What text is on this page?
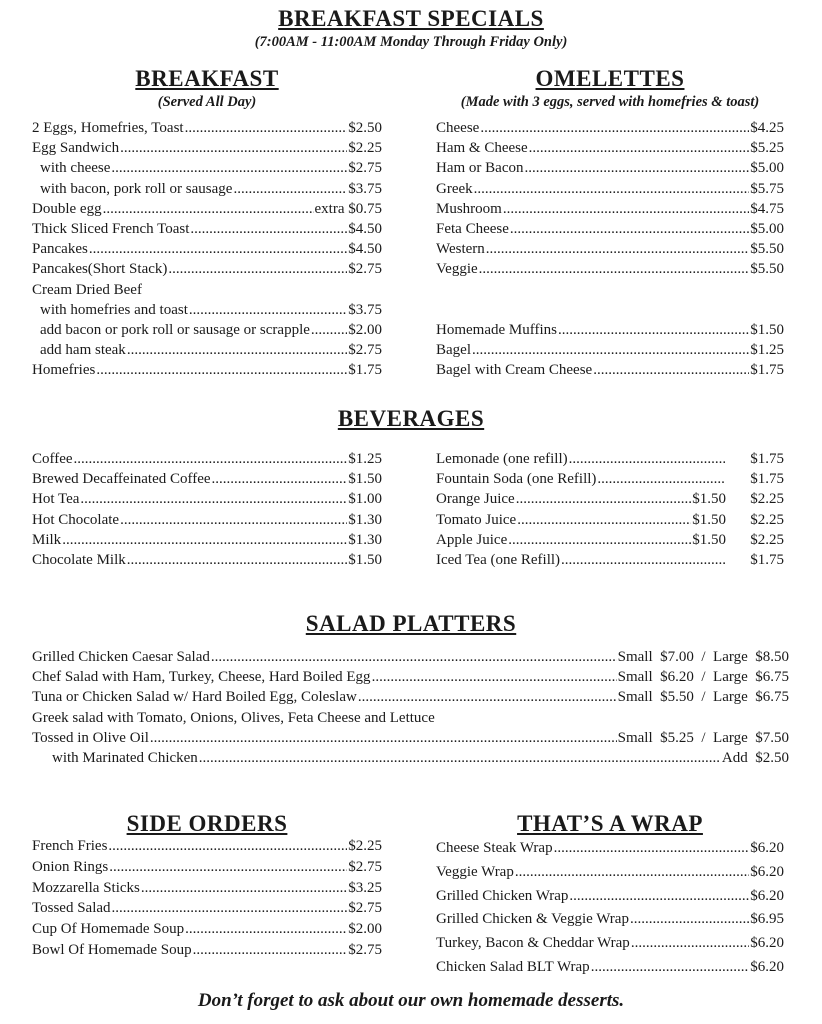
BREAKFAST SPECIALS
(7:00AM - 11:00AM Monday Through Friday Only)
BREAKFAST
(Served All Day)
2 Eggs, Homefries, Toast .....	$2.50
Egg Sandwich .....	$2.25
with cheese .....	$2.75
with bacon, pork roll or sausage .....	$3.75
Double egg .....	extra $0.75
Thick Sliced French Toast .....	$4.50
Pancakes .....	$4.50
Pancakes(Short Stack) .....	$2.75
Cream Dried Beef
with homefries and toast .....	$3.75
add bacon or pork roll or sausage or scrapple .....	$2.00
add ham steak .....	$2.75
Homefries .....	$1.75
OMELETTES
(Made with 3 eggs, served with homefries & toast)
Cheese .....	$4.25
Ham & Cheese .....	$5.25
Ham or Bacon .....	$5.00
Greek .....	$5.75
Mushroom .....	$4.75
Feta Cheese .....	$5.00
Western .....	$5.50
Veggie .....	$5.50
Homemade Muffins .....	$1.50
Bagel .....	$1.25
Bagel with Cream Cheese .....	$1.75
BEVERAGES
Coffee .....	$1.25
Brewed Decaffeinated Coffee .....	$1.50
Hot Tea .....	$1.00
Hot Chocolate .....	$1.30
Milk .....	$1.30
Chocolate Milk .....	$1.50
Lemonade (one refill) .....	$1.75
Fountain Soda (one Refill) .....	$1.75
Orange Juice .....	$1.50	$2.25
Tomato Juice .....	$1.50	$2.25
Apple Juice .....	$1.50	$2.25
Iced Tea (one Refill) .....	$1.75
SALAD PLATTERS
Grilled Chicken Caesar Salad .....	Small  $7.00  /  Large  $8.50
Chef Salad with Ham, Turkey, Cheese, Hard Boiled Egg .....	Small  $6.20  /  Large  $6.75
Tuna or Chicken Salad w/ Hard Boiled Egg, Coleslaw .....	Small  $5.50  /  Large  $6.75
Greek salad with Tomato, Onions, Olives, Feta Cheese and Lettuce
Tossed in Olive Oil .....	Small  $5.25  /  Large  $7.50
with Marinated Chicken .....	Add  $2.50
SIDE ORDERS
French Fries .....	$2.25
Onion Rings .....	$2.75
Mozzarella Sticks .....	$3.25
Tossed Salad .....	$2.75
Cup Of Homemade Soup .....	$2.00
Bowl Of Homemade Soup .....	$2.75
THAT’S A WRAP
Cheese Steak Wrap .....	$6.20
Veggie Wrap .....	$6.20
Grilled Chicken Wrap .....	$6.20
Grilled Chicken & Veggie Wrap .....	$6.95
Turkey, Bacon & Cheddar Wrap .....	$6.20
Chicken Salad BLT Wrap .....	$6.20
Don’t forget to ask about our own homemade desserts.
